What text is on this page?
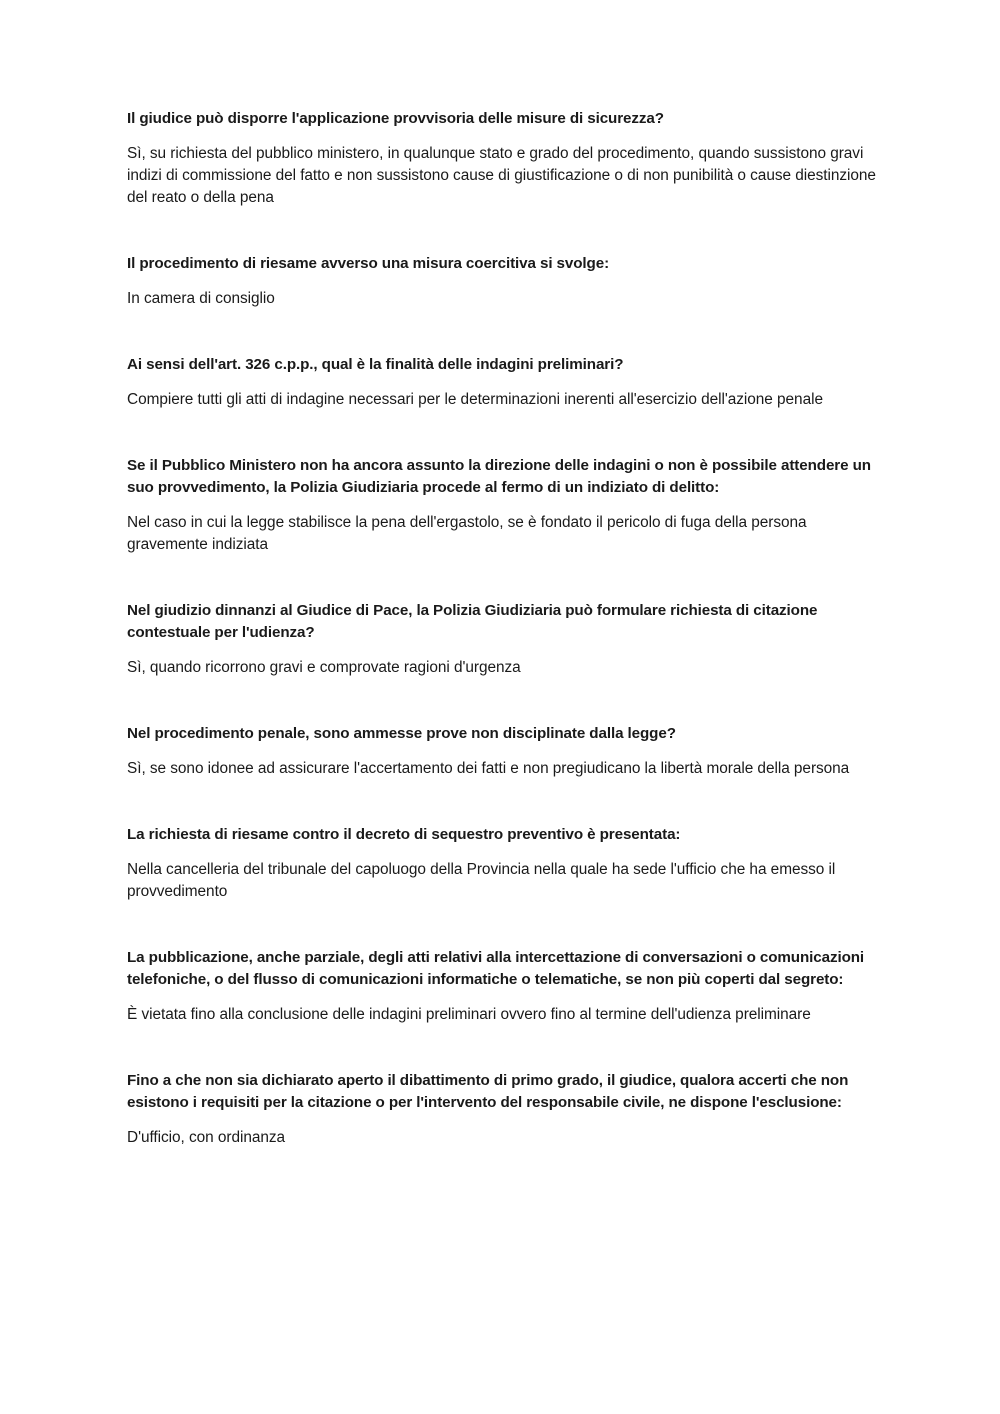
Il giudice può disporre l'applicazione provvisoria delle misure di sicurezza?

Sì, su richiesta del pubblico ministero, in qualunque stato e grado del procedimento, quando sussistono gravi indizi di commissione del fatto e non sussistono cause di giustificazione o di non punibilità o cause diestinzione del reato o della pena

Il procedimento di riesame avverso una misura coercitiva si svolge:

In camera di consiglio

Ai sensi dell'art. 326 c.p.p., qual è la finalità delle indagini preliminari?

Compiere tutti gli atti di indagine necessari per le determinazioni inerenti all'esercizio dell'azione penale

Se il Pubblico Ministero non ha ancora assunto la direzione delle indagini o non è possibile attendere un suo provvedimento, la Polizia Giudiziaria procede al fermo di un indiziato di delitto:

Nel caso in cui la legge stabilisce la pena dell'ergastolo, se è fondato il pericolo di fuga della persona gravemente indiziata

Nel giudizio dinnanzi al Giudice di Pace, la Polizia Giudiziaria può formulare richiesta di citazione contestuale per l'udienza?

Sì, quando ricorrono gravi e comprovate ragioni d'urgenza

Nel procedimento penale, sono ammesse prove non disciplinate dalla legge?

Sì, se sono idonee ad assicurare l'accertamento dei fatti e non pregiudicano la libertà morale della persona

La richiesta di riesame contro il decreto di sequestro preventivo è presentata:

Nella cancelleria del tribunale del capoluogo della Provincia nella quale ha sede l'ufficio che ha emesso il provvedimento

La pubblicazione, anche parziale, degli atti relativi alla intercettazione di conversazioni o comunicazioni telefoniche, o del flusso di comunicazioni informatiche o telematiche, se non più coperti dal segreto:

È vietata fino alla conclusione delle indagini preliminari ovvero fino al termine dell'udienza preliminare

Fino a che non sia dichiarato aperto il dibattimento di primo grado, il giudice, qualora accerti che non esistono i requisiti per la citazione o per l'intervento del responsabile civile, ne dispone l'esclusione:

D'ufficio, con ordinanza
